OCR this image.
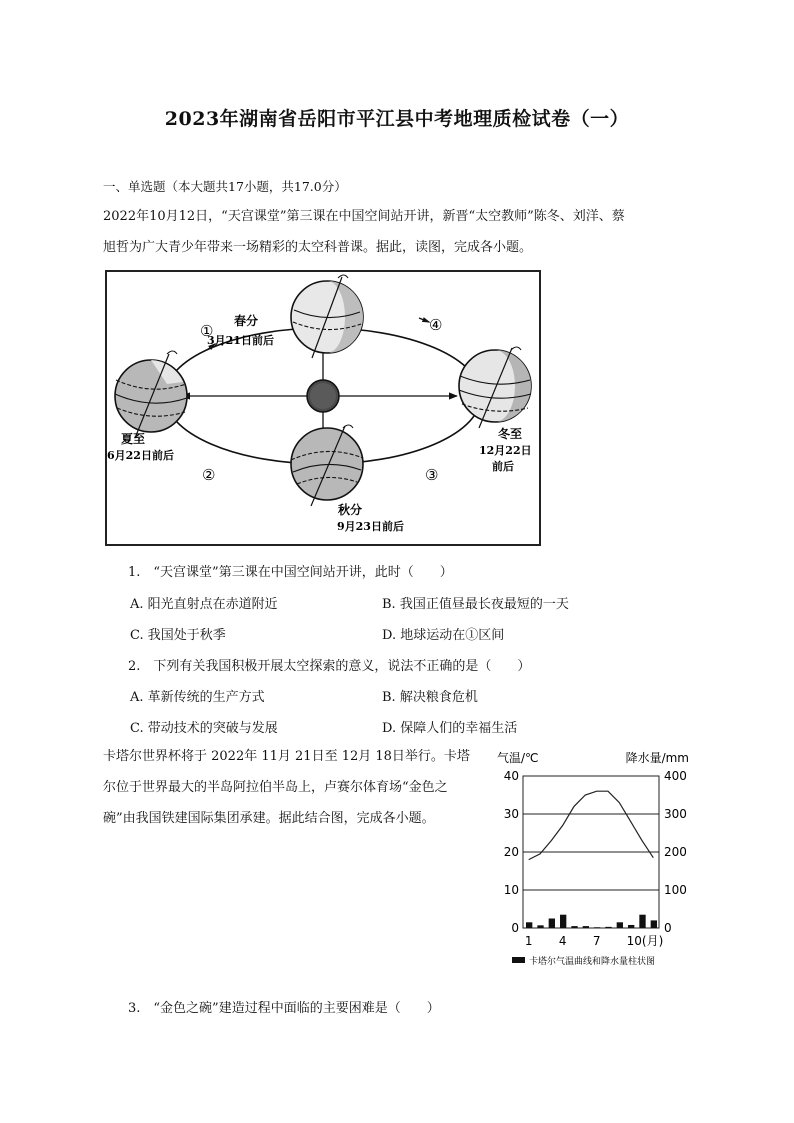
2023年湖南省岳阳市平江县中考地理质检试卷（一）
一、单选题（本大题共17小题，共17.0分）
2022年10月12日，“天宫课堂”第三课在中国空间站开讲，新晋“太空教师”陈冬、刘洋、蔡
旭哲为广大青少年带来一场精彩的太空科普课。据此，读图，完成各小题。
春分
3月21日前后
夏至
6月22日前后
秋分
9月23日前后
冬至
12月22日
前后
①
②	③
④
1.　“天宫课堂”第三课在中国空间站开讲，此时（　　）
A. 阳光直射点在赤道附近	B. 我国正值昼最长夜最短的一天
C. 我国处于秋季	D. 地球运动在①区间
2.　下列有关我国积极开展太空探索的意义，说法不正确的是（　　）
A. 革新传统的生产方式	B. 解决粮食危机
C. 带动技术的突破与发展	D. 保障人们的幸福生活
卡塔尔世界杯将于 2022年 11月 21日至 12月 18日举行。卡塔
尔位于世界最大的半岛阿拉伯半岛上，卢赛尔体育场“金色之
碗”由我国铁建国际集团承建。据此结合图，完成各小题。
气温/℃	降水量/mm
40	400
30	300
20	200
10	100
0	0
1 4 7 10(月)
卡塔尔气温曲线和降水量柱状图
3.　“金色之碗”建造过程中面临的主要困难是（　　）
